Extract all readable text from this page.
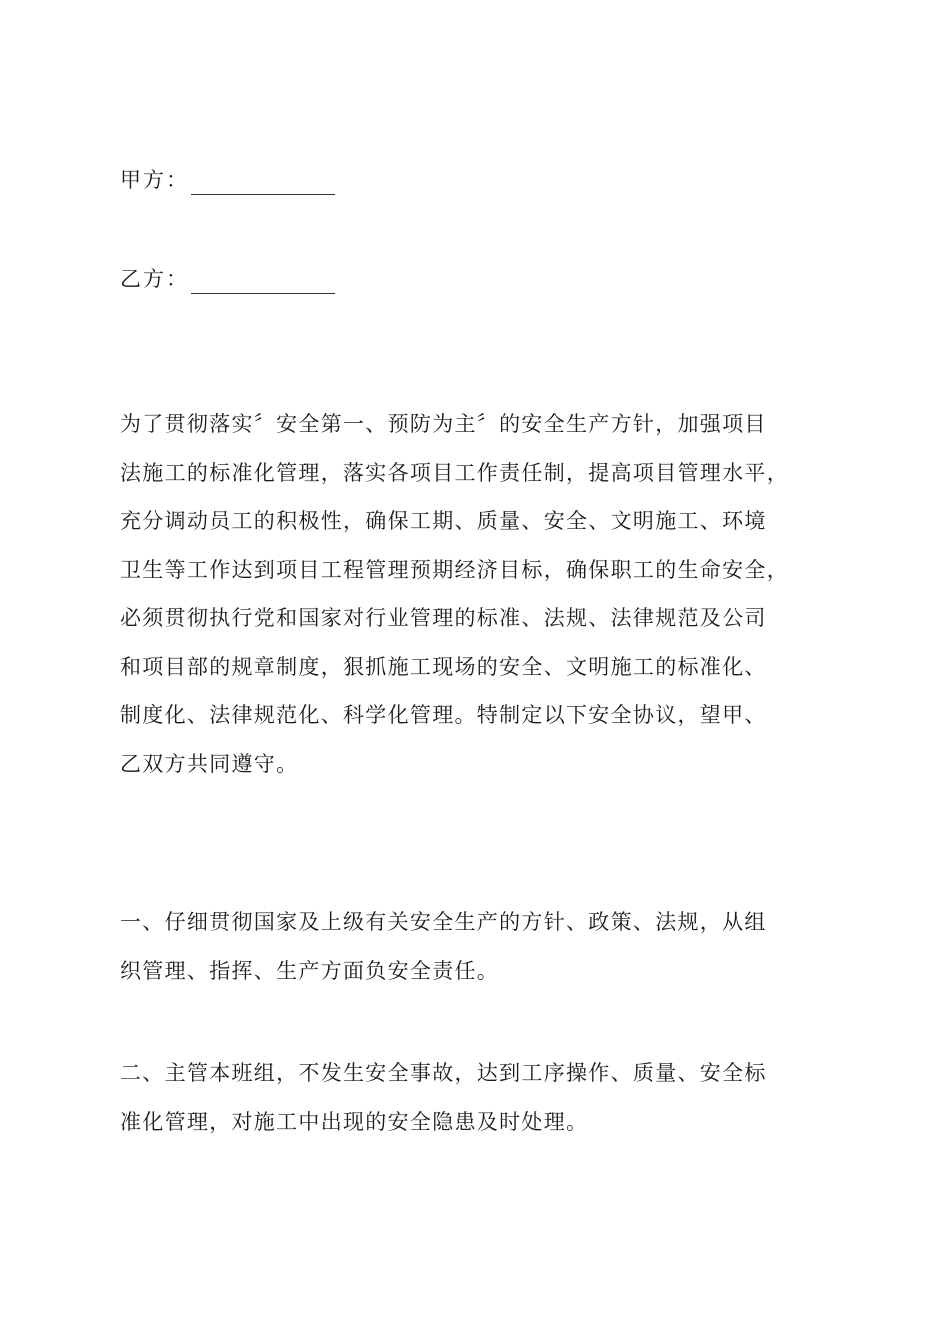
甲方：
乙方：
为了贯彻落实〞安全第一、预防为主〞的安全生产方针，加强项目
法施工的标准化管理，落实各项目工作责任制，提高项目管理水平，
充分调动员工的积极性，确保工期、质量、安全、文明施工、环境
卫生等工作达到项目工程管理预期经济目标，确保职工的生命安全，
必须贯彻执行党和国家对行业管理的标准、法规、法律规范及公司
和项目部的规章制度，狠抓施工现场的安全、文明施工的标准化、
制度化、法律规范化、科学化管理。特制定以下安全协议，望甲、
乙双方共同遵守。
一、仔细贯彻国家及上级有关安全生产的方针、政策、法规，从组
织管理、指挥、生产方面负安全责任。
二、主管本班组，不发生安全事故，达到工序操作、质量、安全标
准化管理，对施工中出现的安全隐患及时处理。
